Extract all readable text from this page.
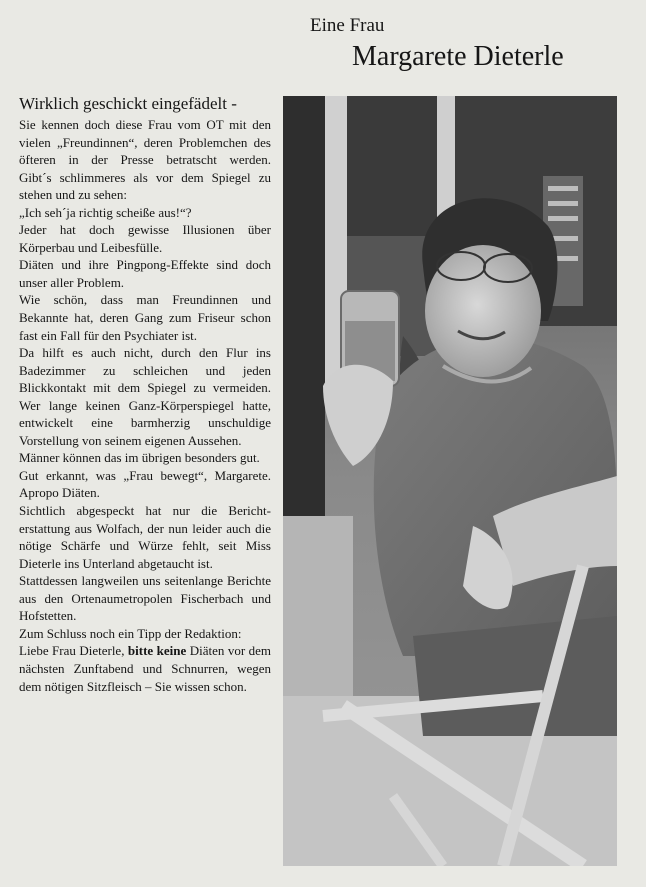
Eine Frau
Margarete Dieterle
Wirklich geschickt eingefädelt -

Sie kennen doch diese Frau vom OT mit den vielen „Freundinnen“, deren Problemchen des öfteren in der Presse betratscht werden.

Gibt´s schlimmeres als vor dem Spiegel zu stehen und zu sehen:

„Ich seh´ja richtig scheiße aus!“?

Jeder hat doch gewisse Illusionen über Körperbau und Leibesfülle.

Diäten und ihre Pingpong-Effekte sind doch unser aller Problem.

Wie schön, dass man Freundinnen und Bekannte hat, deren Gang zum Friseur schon fast ein Fall für den Psychiater ist.

Da hilft es auch nicht, durch den Flur ins Badezimmer zu schleichen und jeden Blickkontakt mit dem Spiegel zu vermeiden. Wer lange keinen Ganz-Körperspiegel hatte, entwickelt eine barmherzig unschuldige Vorstellung von seinem eigenen Aussehen.

Männer können das im übrigen besonders gut.

Gut erkannt, was „Frau bewegt“, Margarete. Apropo Diäten.

Sichtlich abgespeckt hat nur die Bericht-erstattung aus Wolfach, der nun leider auch die nötige Schärfe und Würze fehlt, seit Miss Dieterle ins Unterland abgetaucht ist.

Stattdessen langweilen uns seitenlange Berichte aus den Ortenaumetropolen Fischerbach und Hofstetten.

Zum Schluss noch ein Tipp der Redaktion:

Liebe Frau Dieterle, bitte keine Diäten vor dem nächsten Zunftabend und Schnurren, wegen dem nötigen Sitzfleisch – Sie wissen schon.
